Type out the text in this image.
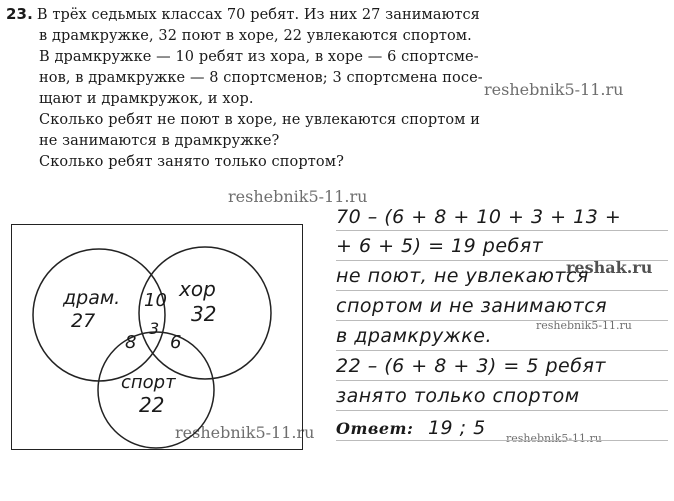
23. В трёх седьмых классах 70 ребят. Из них 27 занимаются
в драмкружке, 32 поют в хоре, 22 увлекаются спортом.
В драмкружке — 10 ребят из хора, в хоре — 6 спортсме-
нов, в драмкружке — 8 спортсменов; 3 спортсмена посе-
щают и драмкружок, и хор.
Сколько ребят не поют в хоре, не увлекаются спортом и
не занимаются в драмкружке?
Сколько ребят занято только спортом?
reshebnik5-11.ru
reshebnik5-11.ru
reshak.ru
reshebnik5-11.ru
reshebnik5-11.ru	reshebnik5-11.ru
драм.
27
хор
32
спорт
22
10
3
8 6
70 – (6 + 8 + 10 + 3 + 13 +
+ 6 + 5) = 19 ребят
не поют, не увлекаются
спортом и не занимаются
в драмкружке.
22 – (6 + 8 + 3) = 5 ребят
занято только спортом
Ответ: 19 ; 5
